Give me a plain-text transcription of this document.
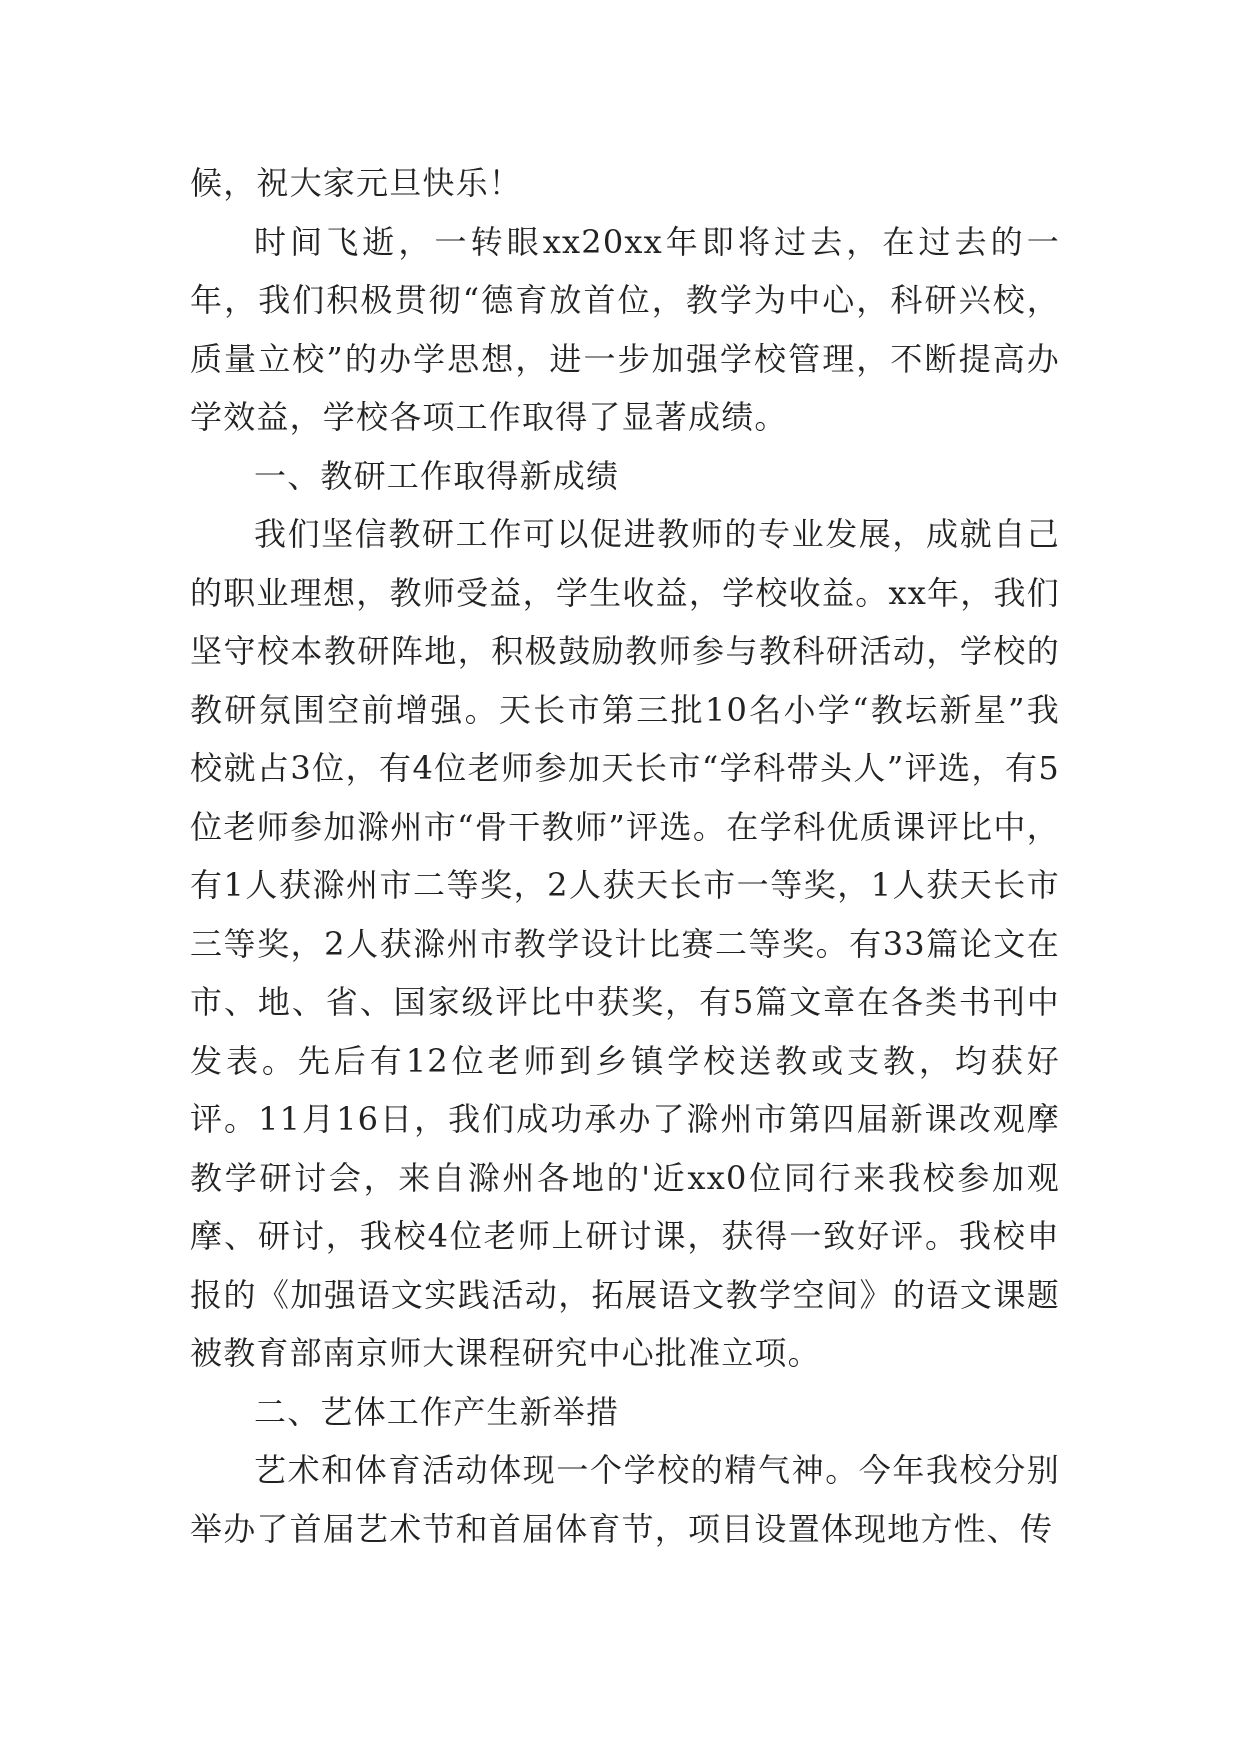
候，祝大家元旦快乐！

时间飞逝，一转眼xx20xx年即将过去，在过去的一年，我们积极贯彻“德育放首位，教学为中心，科研兴校，质量立校”的办学思想，进一步加强学校管理，不断提高办学效益，学校各项工作取得了显著成绩。

一、教研工作取得新成绩

我们坚信教研工作可以促进教师的专业发展，成就自己的职业理想，教师受益，学生收益，学校收益。xx年，我们坚守校本教研阵地，积极鼓励教师参与教科研活动，学校的教研氛围空前增强。天长市第三批10名小学“教坛新星”我校就占3位，有4位老师参加天长市“学科带头人”评选，有5位老师参加滁州市“骨干教师”评选。在学科优质课评比中，有1人获滁州市二等奖，2人获天长市一等奖，1人获天长市三等奖，2人获滁州市教学设计比赛二等奖。有33篇论文在市、地、省、国家级评比中获奖，有5篇文章在各类书刊中发表。先后有12位老师到乡镇学校送教或支教，均获好评。11月16日，我们成功承办了滁州市第四届新课改观摩教学研讨会，来自滁州各地的'近xx0位同行来我校参加观摩、研讨，我校4位老师上研讨课，获得一致好评。我校申报的《加强语文实践活动，拓展语文教学空间》的语文课题被教育部南京师大课程研究中心批准立项。

二、艺体工作产生新举措

艺术和体育活动体现一个学校的精气神。今年我校分别举办了首届艺术节和首届体育节，项目设置体现地方性、传
